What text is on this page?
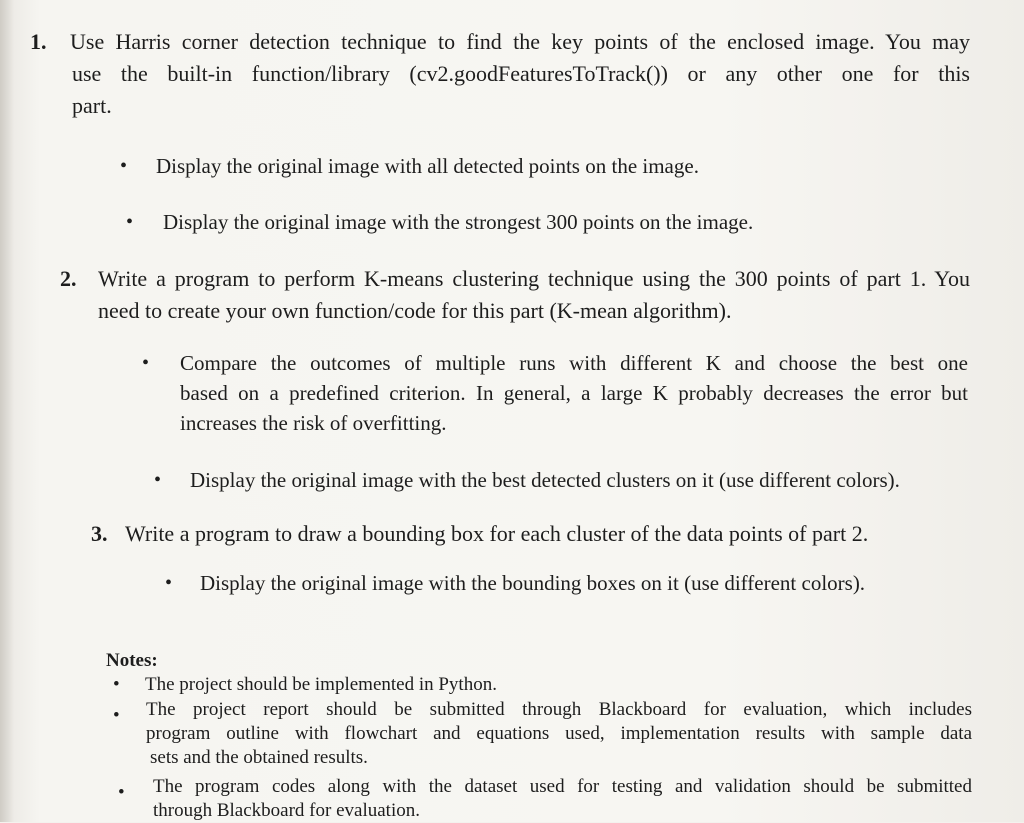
1. Use Harris corner detection technique to find the key points of the enclosed image. You may
use the built-in function/library (cv2.goodFeaturesToTrack()) or any other one for this
part.
• Display the original image with all detected points on the image.
• Display the original image with the strongest 300 points on the image.
2. Write a program to perform K-means clustering technique using the 300 points of part 1. You
need to create your own function/code for this part (K-mean algorithm).
• Compare the outcomes of multiple runs with different K and choose the best one
based on a predefined criterion. In general, a large K probably decreases the error but
increases the risk of overfitting.
• Display the original image with the best detected clusters on it (use different colors).
3. Write a program to draw a bounding box for each cluster of the data points of part 2.
• Display the original image with the bounding boxes on it (use different colors).
Notes:
• The project should be implemented in Python.
• The project report should be submitted through Blackboard for evaluation, which includes
program outline with flowchart and equations used, implementation results with sample data
sets and the obtained results.
• The program codes along with the dataset used for testing and validation should be submitted
through Blackboard for evaluation.
